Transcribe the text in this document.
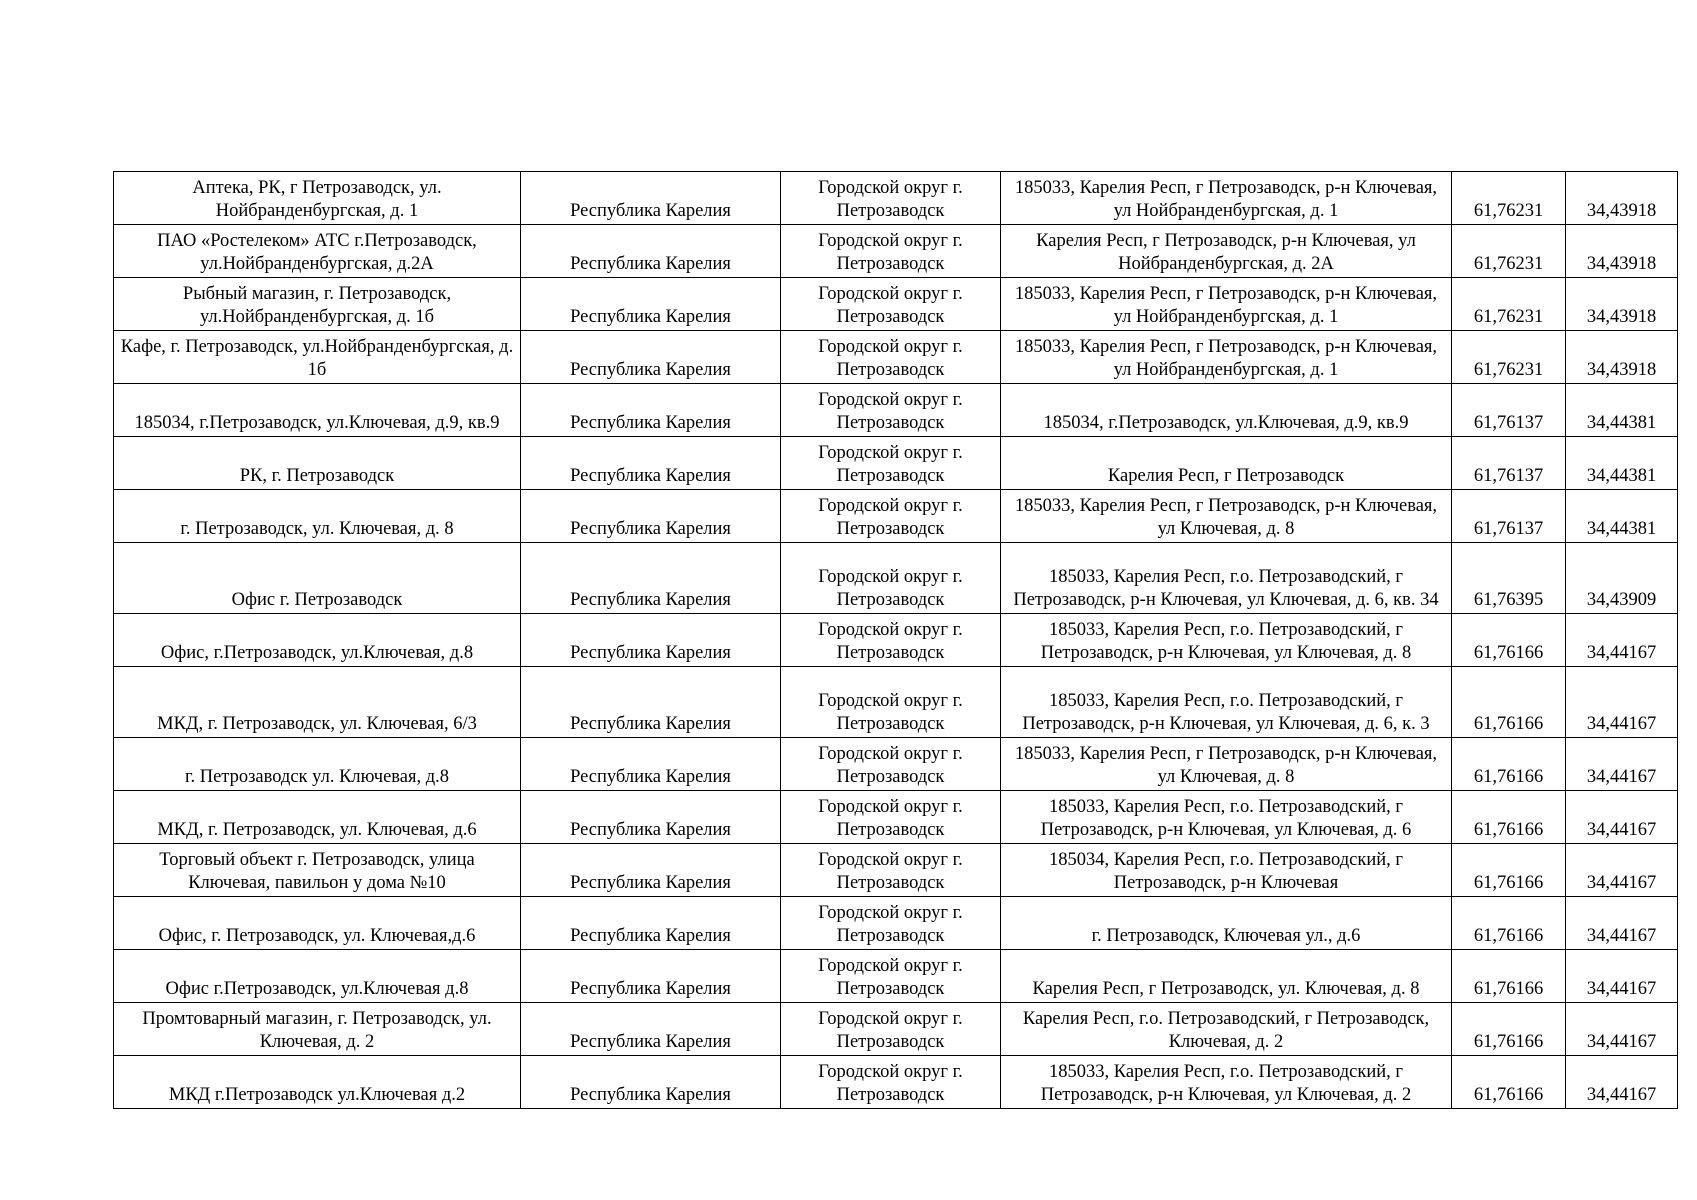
Аптека, РК, г Петрозаводск, ул. Нойбранденбургская, д. 1	Республика Карелия	Городской округ г. Петрозаводск	185033, Карелия Респ, г Петрозаводск, р-н Ключевая, ул Нойбранденбургская, д. 1	61,76231	34,43918
ПАО «Ростелеком» АТС г.Петрозаводск, ул.Нойбранденбургская, д.2А	Республика Карелия	Городской округ г. Петрозаводск	Карелия Респ, г Петрозаводск, р-н Ключевая, ул Нойбранденбургская, д. 2А	61,76231	34,43918
Рыбный магазин, г. Петрозаводск, ул.Нойбранденбургская, д. 1б	Республика Карелия	Городской округ г. Петрозаводск	185033, Карелия Респ, г Петрозаводск, р-н Ключевая, ул Нойбранденбургская, д. 1	61,76231	34,43918
Кафе, г. Петрозаводск, ул.Нойбранденбургская, д. 1б	Республика Карелия	Городской округ г. Петрозаводск	185033, Карелия Респ, г Петрозаводск, р-н Ключевая, ул Нойбранденбургская, д. 1	61,76231	34,43918
185034, г.Петрозаводск, ул.Ключевая, д.9, кв.9	Республика Карелия	Городской округ г. Петрозаводск	185034, г.Петрозаводск, ул.Ключевая, д.9, кв.9	61,76137	34,44381
РК, г. Петрозаводск	Республика Карелия	Городской округ г. Петрозаводск	Карелия Респ, г Петрозаводск	61,76137	34,44381
г. Петрозаводск, ул. Ключевая, д. 8	Республика Карелия	Городской округ г. Петрозаводск	185033, Карелия Респ, г Петрозаводск, р-н Ключевая, ул Ключевая, д. 8	61,76137	34,44381
Офис г. Петрозаводск	Республика Карелия	Городской округ г. Петрозаводск	185033, Карелия Респ, г.о. Петрозаводский, г Петрозаводск, р-н Ключевая, ул Ключевая, д. 6, кв. 34	61,76395	34,43909
Офис, г.Петрозаводск, ул.Ключевая, д.8	Республика Карелия	Городской округ г. Петрозаводск	185033, Карелия Респ, г.о. Петрозаводский, г Петрозаводск, р-н Ключевая, ул Ключевая, д. 8	61,76166	34,44167
МКД, г. Петрозаводск, ул. Ключевая, 6/3	Республика Карелия	Городской округ г. Петрозаводск	185033, Карелия Респ, г.о. Петрозаводский, г Петрозаводск, р-н Ключевая, ул Ключевая, д. 6, к. 3	61,76166	34,44167
г. Петрозаводск ул. Ключевая, д.8	Республика Карелия	Городской округ г. Петрозаводск	185033, Карелия Респ, г Петрозаводск, р-н Ключевая, ул Ключевая, д. 8	61,76166	34,44167
МКД, г. Петрозаводск, ул. Ключевая, д.6	Республика Карелия	Городской округ г. Петрозаводск	185033, Карелия Респ, г.о. Петрозаводский, г Петрозаводск, р-н Ключевая, ул Ключевая, д. 6	61,76166	34,44167
Торговый объект г. Петрозаводск, улица Ключевая, павильон у дома №10	Республика Карелия	Городской округ г. Петрозаводск	185034, Карелия Респ, г.о. Петрозаводский, г Петрозаводск, р-н Ключевая	61,76166	34,44167
Офис, г. Петрозаводск, ул. Ключевая,д.6	Республика Карелия	Городской округ г. Петрозаводск	г. Петрозаводск, Ключевая ул., д.6	61,76166	34,44167
Офис г.Петрозаводск, ул.Ключевая д.8	Республика Карелия	Городской округ г. Петрозаводск	Карелия Респ, г Петрозаводск, ул. Ключевая, д. 8	61,76166	34,44167
Промтоварный магазин, г. Петрозаводск, ул. Ключевая, д. 2	Республика Карелия	Городской округ г. Петрозаводск	Карелия Респ, г.о. Петрозаводский, г Петрозаводск, Ключевая, д. 2	61,76166	34,44167
МКД г.Петрозаводск ул.Ключевая д.2	Республика Карелия	Городской округ г. Петрозаводск	185033, Карелия Респ, г.о. Петрозаводский, г Петрозаводск, р-н Ключевая, ул Ключевая, д. 2	61,76166	34,44167
